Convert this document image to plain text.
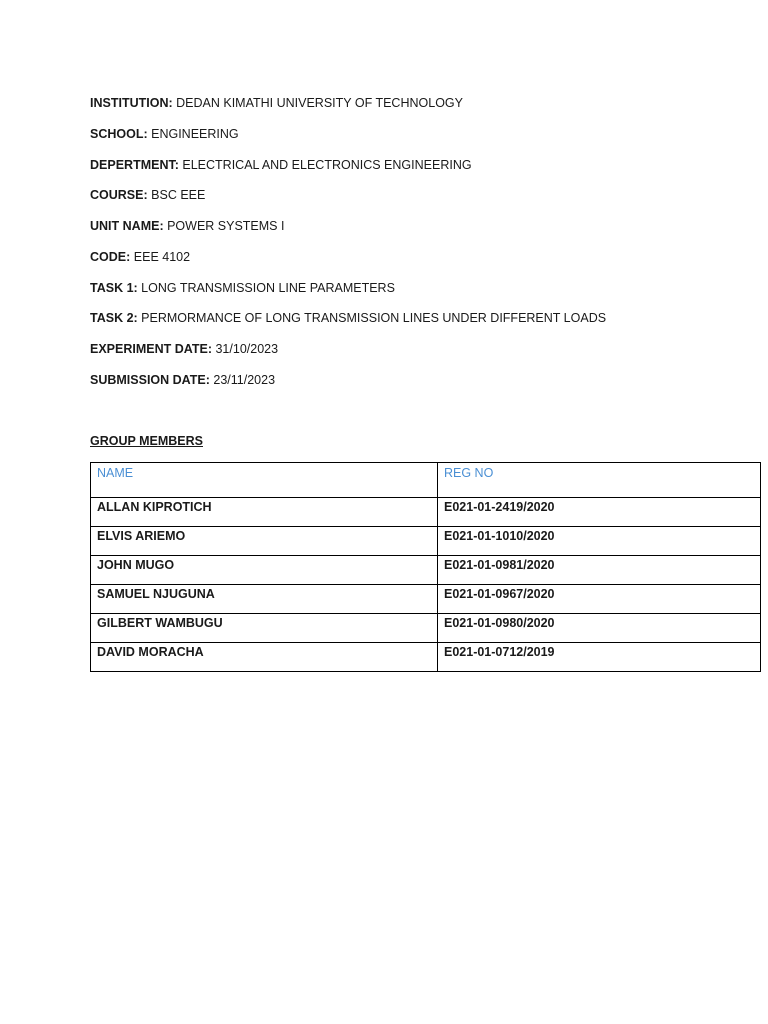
INSTITUTION: DEDAN KIMATHI UNIVERSITY OF TECHNOLOGY
SCHOOL: ENGINEERING
DEPERTMENT: ELECTRICAL AND ELECTRONICS ENGINEERING
COURSE: BSC EEE
UNIT NAME: POWER SYSTEMS I
CODE: EEE 4102
TASK 1: LONG TRANSMISSION LINE PARAMETERS
TASK 2: PERMORMANCE OF LONG TRANSMISSION LINES UNDER DIFFERENT LOADS
EXPERIMENT DATE: 31/10/2023
SUBMISSION DATE: 23/11/2023
GROUP MEMBERS
NAME	REG NO
ALLAN KIPROTICH	E021-01-2419/2020
ELVIS ARIEMO	E021-01-1010/2020
JOHN MUGO	E021-01-0981/2020
SAMUEL NJUGUNA	E021-01-0967/2020
GILBERT WAMBUGU	E021-01-0980/2020
DAVID MORACHA	E021-01-0712/2019
